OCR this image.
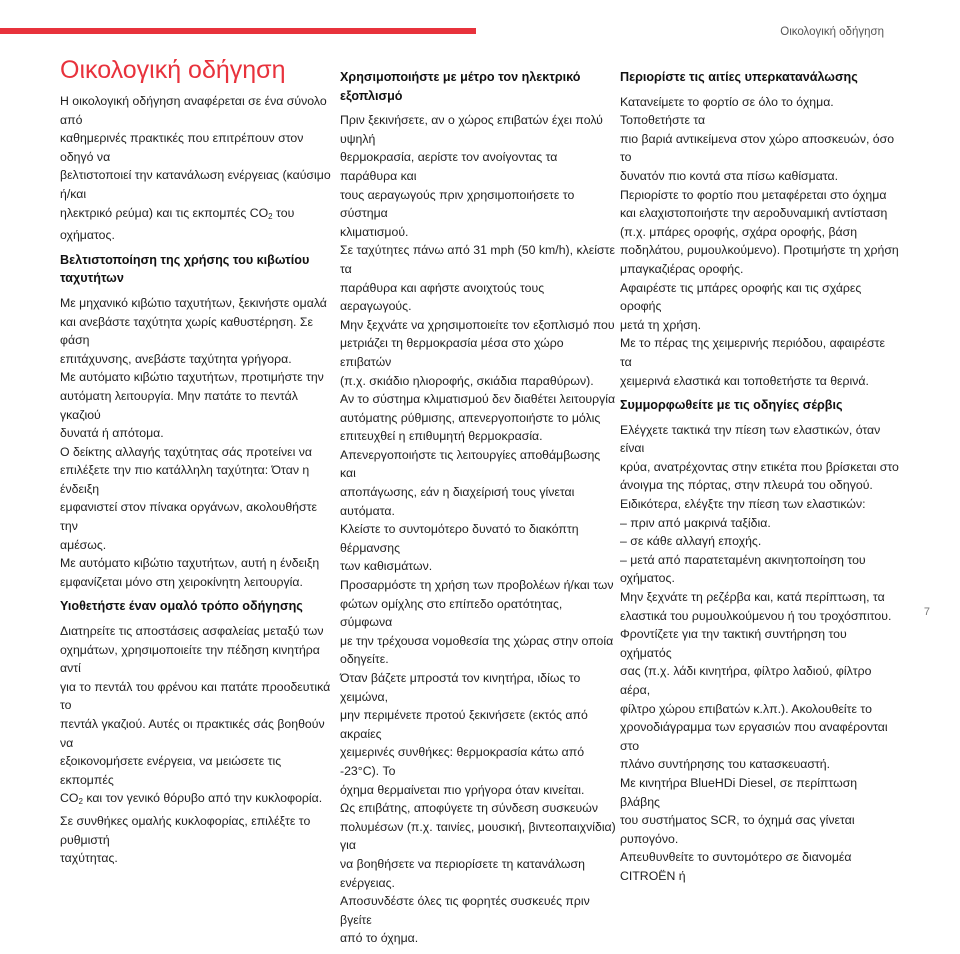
Οικολογική οδήγηση
Οικολογική οδήγηση

Η οικολογική οδήγηση αναφέρεται σε ένα σύνολο από
καθημερινές πρακτικές που επιτρέπουν στον οδηγό να
βελτιστοποιεί την κατανάλωση ενέργειας (καύσιμο ή/και
ηλεκτρικό ρεύμα) και τις εκπομπές $CO_2$ του οχήματος.

Βελτιστοποίηση της χρήσης του κιβωτίου ταχυτήτων

Με μηχανικό κιβώτιο ταχυτήτων, ξεκινήστε ομαλά
και ανεβάστε ταχύτητα χωρίς καθυστέρηση. Σε φάση
επιτάχυνσης, ανεβάστε ταχύτητα γρήγορα.
Με αυτόματο κιβώτιο ταχυτήτων, προτιμήστε την
αυτόματη λειτουργία. Μην πατάτε το πεντάλ γκαζιού
δυνατά ή απότομα.
Ο δείκτης αλλαγής ταχύτητας σάς προτείνει να
επιλέξετε την πιο κατάλληλη ταχύτητα: Όταν η ένδειξη
εμφανιστεί στον πίνακα οργάνων, ακολουθήστε την
αμέσως.
Με αυτόματο κιβώτιο ταχυτήτων, αυτή η ένδειξη
εμφανίζεται μόνο στη χειροκίνητη λειτουργία.

Υιοθετήστε έναν ομαλό τρόπο οδήγησης

Διατηρείτε τις αποστάσεις ασφαλείας μεταξύ των
οχημάτων, χρησιμοποιείτε την πέδηση κινητήρα αντί
για το πεντάλ του φρένου και πατάτε προοδευτικά το
πεντάλ γκαζιού. Αυτές οι πρακτικές σάς βοηθούν να
εξοικονομήσετε ενέργεια, να μειώσετε τις εκπομπές
$CO_2$ και τον γενικό θόρυβο από την κυκλοφορία.
Σε συνθήκες ομαλής κυκλοφορίας, επιλέξτε το ρυθμιστή
ταχύτητας.

Χρησιμοποιήστε με μέτρο τον ηλεκτρικό εξοπλισμό

Πριν ξεκινήσετε, αν ο χώρος επιβατών έχει πολύ υψηλή
θερμοκρασία, αερίστε τον ανοίγοντας τα παράθυρα και
τους αεραγωγούς πριν χρησιμοποιήσετε το σύστημα
κλιματισμού.
Σε ταχύτητες πάνω από 31 mph (50 km/h), κλείστε τα
παράθυρα και αφήστε ανοιχτούς τους αεραγωγούς.
Μην ξεχνάτε να χρησιμοποιείτε τον εξοπλισμό που
μετριάζει τη θερμοκρασία μέσα στο χώρο επιβατών
(π.χ. σκιάδιο ηλιοροφής, σκιάδια παραθύρων).
Αν το σύστημα κλιματισμού δεν διαθέτει λειτουργία
αυτόματης ρύθμισης, απενεργοποιήστε το μόλις
επιτευχθεί η επιθυμητή θερμοκρασία.
Απενεργοποιήστε τις λειτουργίες αποθάμβωσης και
αποπάγωσης, εάν η διαχείρισή τους γίνεται αυτόματα.
Κλείστε το συντομότερο δυνατό το διακόπτη θέρμανσης
των καθισμάτων.
Προσαρμόστε τη χρήση των προβολέων ή/και των
φώτων ομίχλης στο επίπεδο ορατότητας, σύμφωνα
με την τρέχουσα νομοθεσία της χώρας στην οποία
οδηγείτε.
Όταν βάζετε μπροστά τον κινητήρα, ιδίως το χειμώνα,
μην περιμένετε προτού ξεκινήσετε (εκτός από ακραίες
χειμερινές συνθήκες: θερμοκρασία κάτω από -23°C). Το
όχημα θερμαίνεται πιο γρήγορα όταν κινείται.
Ως επιβάτης, αποφύγετε τη σύνδεση συσκευών
πολυμέσων (π.χ. ταινίες, μουσική, βιντεοπαιχνίδια) για
να βοηθήσετε να περιορίσετε τη κατανάλωση ενέργειας.
Αποσυνδέστε όλες τις φορητές συσκευές πριν βγείτε
από το όχημα.

Περιορίστε τις αιτίες υπερκατανάλωσης

Κατανείμετε το φορτίο σε όλο το όχημα. Τοποθετήστε τα
πιο βαριά αντικείμενα στον χώρο αποσκευών, όσο το
δυνατόν πιο κοντά στα πίσω καθίσματα.
Περιορίστε το φορτίο που μεταφέρεται στο όχημα
και ελαχιστοποιήστε την αεροδυναμική αντίσταση
(π.χ. μπάρες οροφής, σχάρα οροφής, βάση
ποδηλάτου, ρυμουλκούμενο). Προτιμήστε τη χρήση
μπαγκαζιέρας οροφής.
Αφαιρέστε τις μπάρες οροφής και τις σχάρες οροφής
μετά τη χρήση.
Με το πέρας της χειμερινής περιόδου, αφαιρέστε τα
χειμερινά ελαστικά και τοποθετήστε τα θερινά.

Συμμορφωθείτε με τις οδηγίες σέρβις

Ελέγχετε τακτικά την πίεση των ελαστικών, όταν είναι
κρύα, ανατρέχοντας στην ετικέτα που βρίσκεται στο
άνοιγμα της πόρτας, στην πλευρά του οδηγού.
Ειδικότερα, ελέγξτε την πίεση των ελαστικών:
– πριν από μακρινά ταξίδια.
– σε κάθε αλλαγή εποχής.
– μετά από παρατεταμένη ακινητοποίηση του
οχήματος.
Μην ξεχνάτε τη ρεζέρβα και, κατά περίπτωση, τα
ελαστικά του ρυμουλκούμενου ή του τροχόσπιτου.
Φροντίζετε για την τακτική συντήρηση του οχήματός
σας (π.χ. λάδι κινητήρα, φίλτρο λαδιού, φίλτρο αέρα,
φίλτρο χώρου επιβατών κ.λπ.). Ακολουθείτε το
χρονοδιάγραμμα των εργασιών που αναφέρονται στο
πλάνο συντήρησης του κατασκευαστή.
Με κινητήρα BlueHDi Diesel, σε περίπτωση βλάβης
του συστήματος SCR, το όχημά σας γίνεται ρυπογόνο.
Απευθυνθείτε το συντομότερο σε διανομέα CITROËN ή

7
